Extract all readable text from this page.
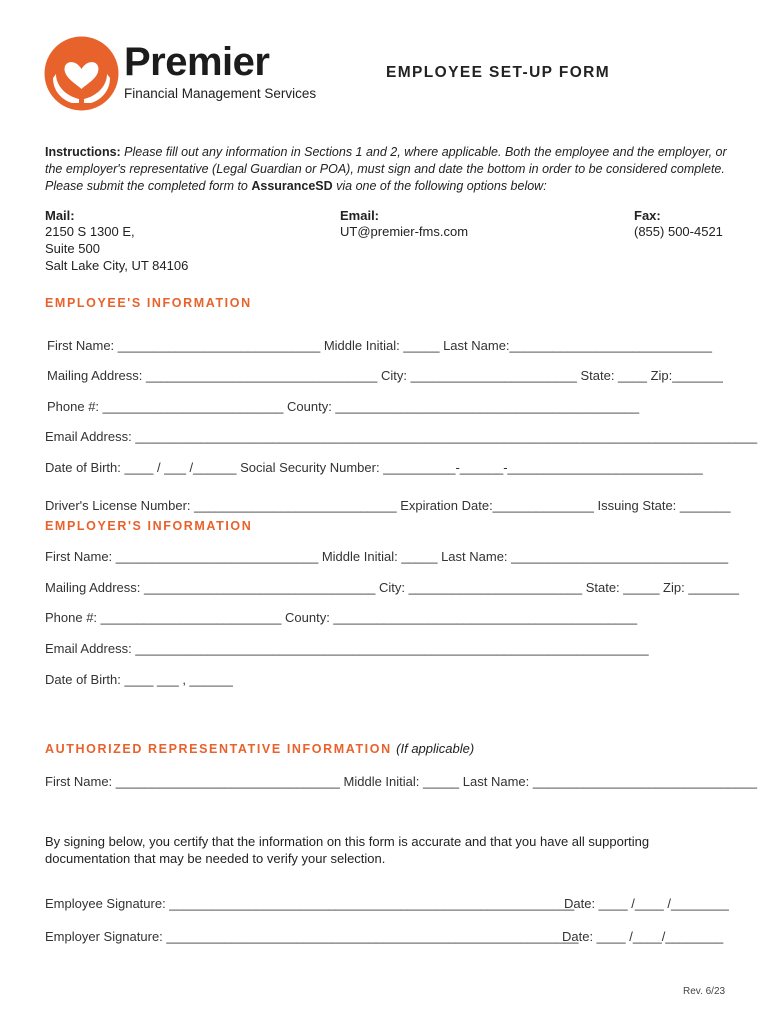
Premier
Financial Management Services
EMPLOYEE SET-UP FORM
Instructions: Please fill out any information in Sections 1 and 2, where applicable. Both the employee and the employer, or the employer's representative (Legal Guardian or POA), must sign and date the bottom in order to be considered complete. Please submit the completed form to AssuranceSD via one of the following options below:
Mail:
2150 S 1300 E,
Suite 500
Salt Lake City, UT 84106
Email:
UT@premier-fms.com
Fax:
(855) 500-4521
EMPLOYEE'S INFORMATION
First Name: ____________________________ Middle Initial: _____ Last Name:____________________________
Mailing Address: ________________________________ City: _______________________ State: ____ Zip:_______
Phone #: _________________________ County: __________________________________________
Email Address: ______________________________________________________________________________________
Date of Birth: ____ / ___ /______ Social Security Number: __________-______-___________________________
Driver's License Number: ____________________________ Expiration Date:______________ Issuing State: _______
EMPLOYER'S INFORMATION
First Name: ____________________________ Middle Initial: _____ Last Name: ______________________________
Mailing Address: ________________________________ City: ________________________ State: _____ Zip: _______
Phone #: _________________________ County: __________________________________________
Email Address: _______________________________________________________________________
Date of Birth: ____ ___ , ______
AUTHORIZED REPRESENTATIVE INFORMATION (If applicable)
First Name: _______________________________ Middle Initial: _____ Last Name: _______________________________
By signing below, you certify that the information on this form is accurate and that you have all supporting documentation that may be needed to verify your selection.
Employee Signature: ________________________________________________________
Date: ____ /____ /________
Employer Signature: _________________________________________________________
Date: ____ /____/________
Rev. 6/23
